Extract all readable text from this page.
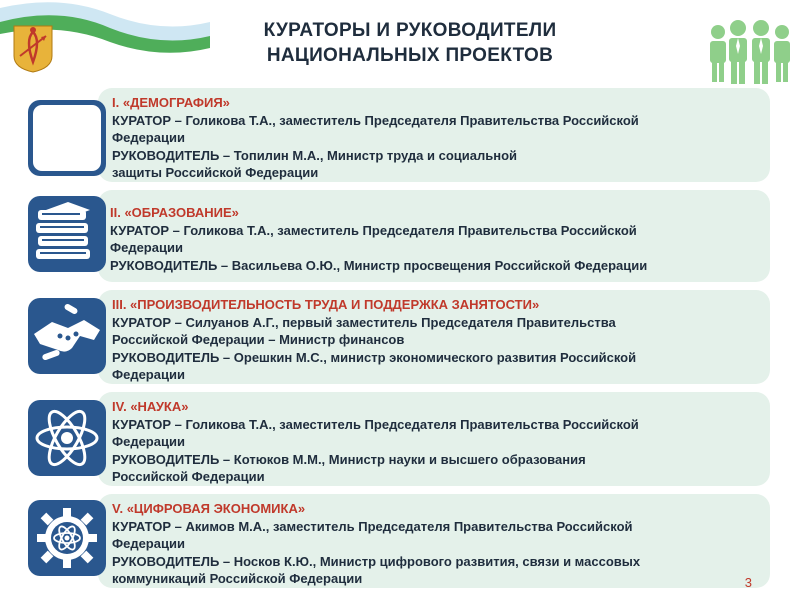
КУРАТОРЫ И РУКОВОДИТЕЛИ
НАЦИОНАЛЬНЫХ ПРОЕКТОВ
I. «ДЕМОГРАФИЯ»
КУРАТОР – Голикова Т.А., заместитель Председателя Правительства Российской
Федерации
РУКОВОДИТЕЛЬ – Топилин М.А., Министр труда и социальной
защиты Российской Федерации
II. «ОБРАЗОВАНИЕ»
КУРАТОР – Голикова Т.А., заместитель Председателя Правительства Российской
Федерации
РУКОВОДИТЕЛЬ – Васильева О.Ю., Министр просвещения Российской Федерации
III. «ПРОИЗВОДИТЕЛЬНОСТЬ ТРУДА И ПОДДЕРЖКА ЗАНЯТОСТИ»
КУРАТОР – Силуанов А.Г., первый заместитель Председателя Правительства
Российской Федерации – Министр финансов
РУКОВОДИТЕЛЬ – Орешкин М.С., министр экономического развития Российской
Федерации
IV. «НАУКА»
КУРАТОР – Голикова Т.А., заместитель Председателя Правительства Российской
Федерации
РУКОВОДИТЕЛЬ – Котюков М.М., Министр науки и высшего образования
Российской Федерации
V. «ЦИФРОВАЯ ЭКОНОМИКА»
КУРАТОР – Акимов М.А., заместитель Председателя Правительства Российской
Федерации
РУКОВОДИТЕЛЬ – Носков К.Ю., Министр цифрового развития, связи и массовых
коммуникаций Российской Федерации	3
